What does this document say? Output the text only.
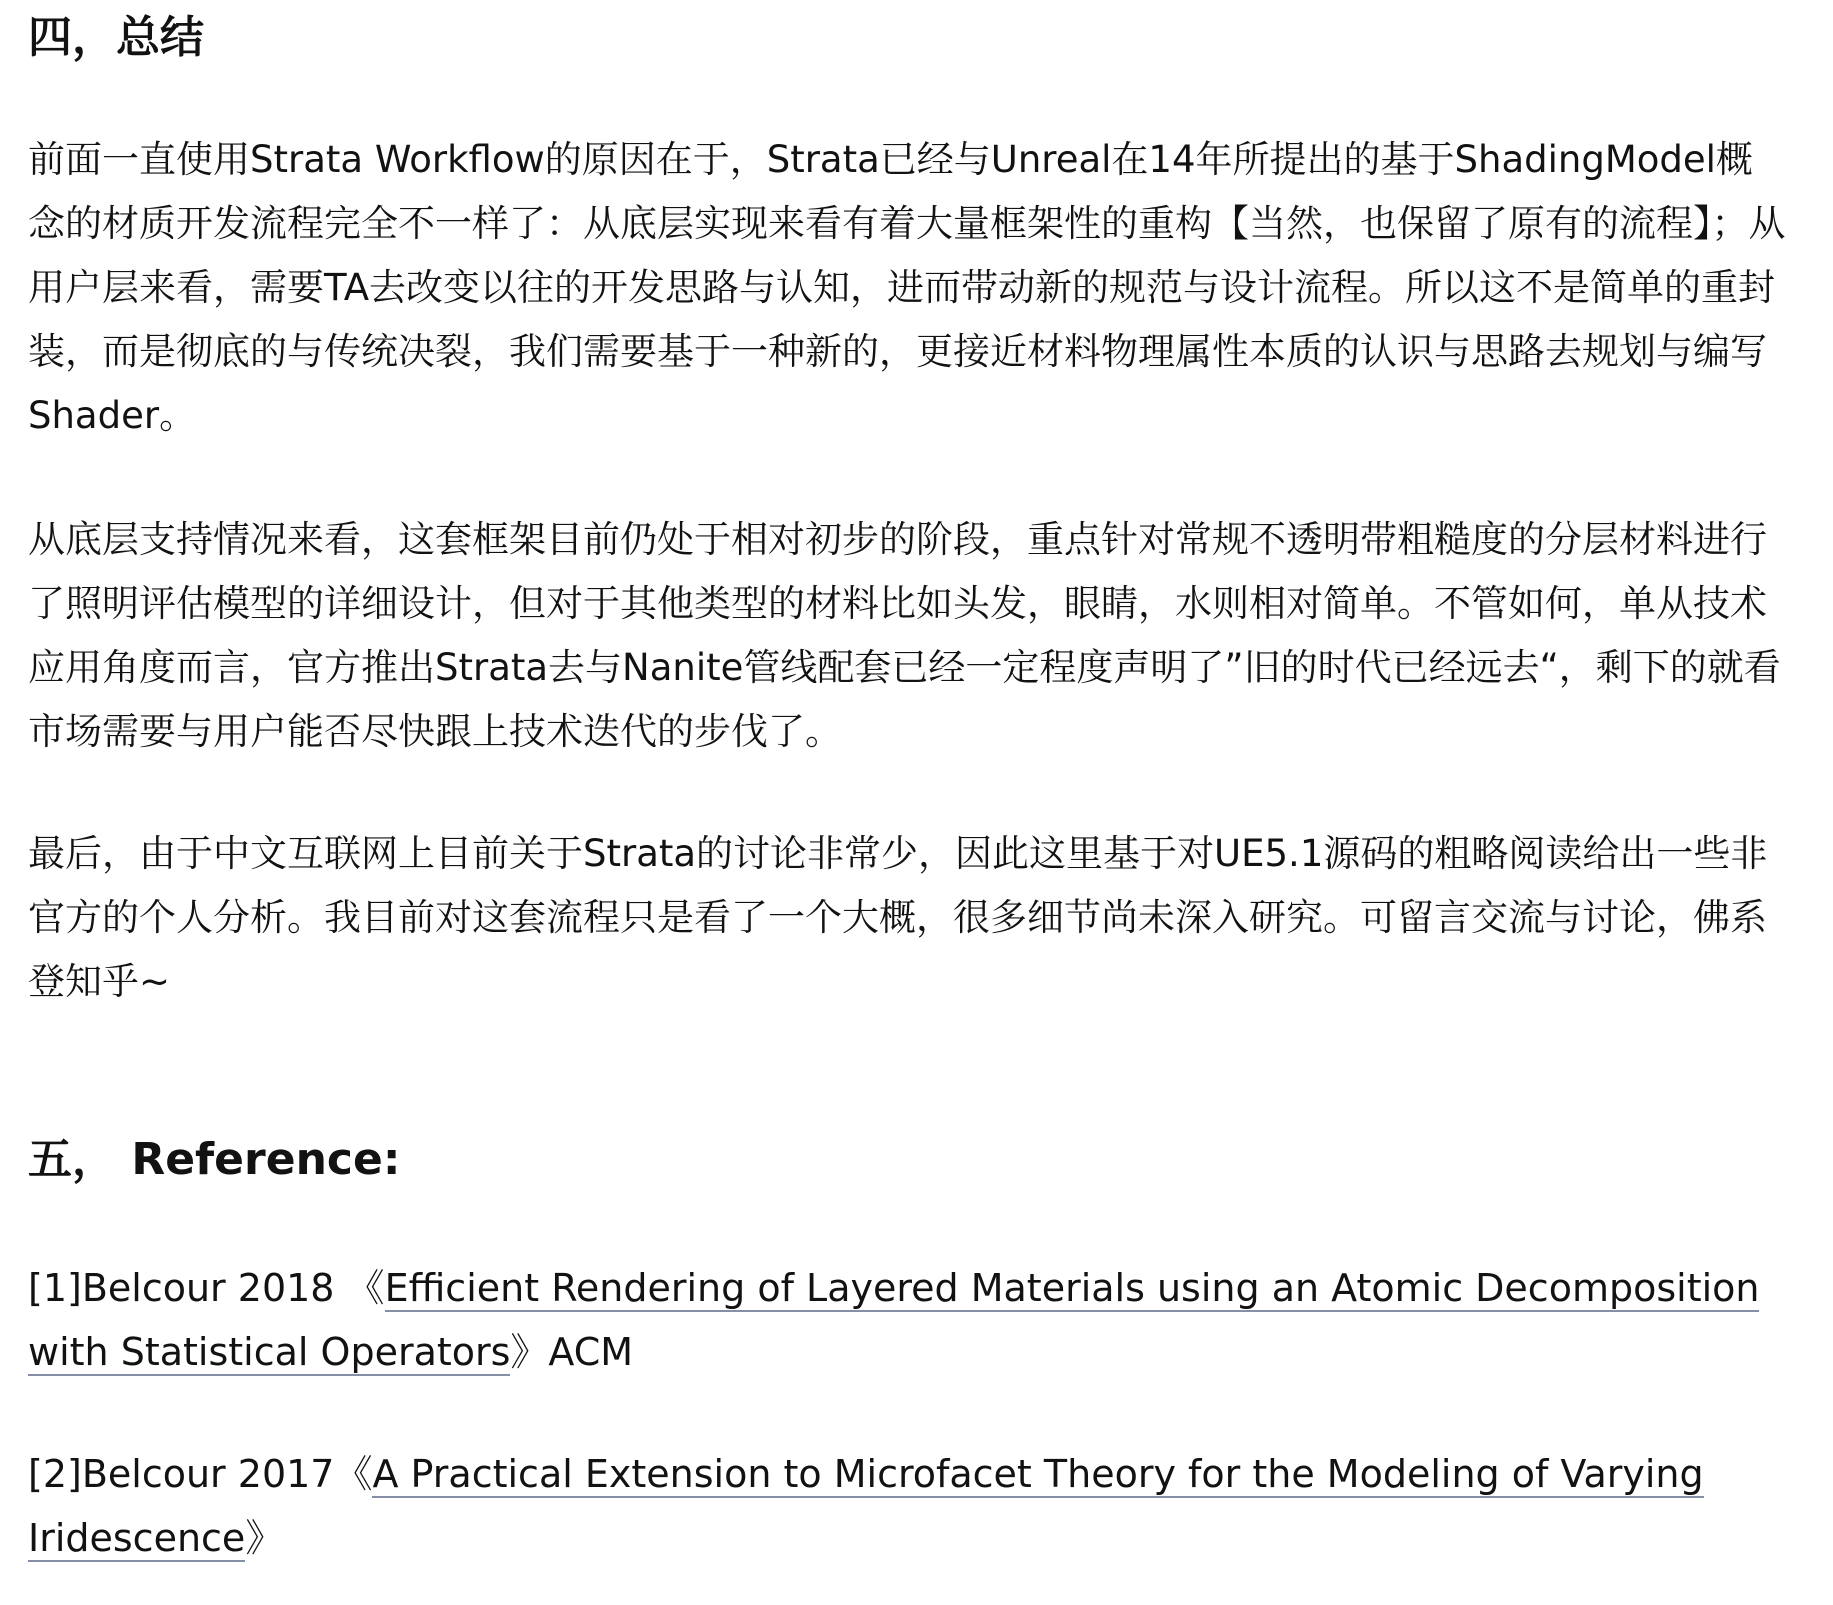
四，总结

前面一直使用Strata Workflow的原因在于，Strata已经与Unreal在14年所提出的基于ShadingModel概念的材质开发流程完全不一样了：从底层实现来看有着大量框架性的重构【当然，也保留了原有的流程】；从用户层来看，需要TA去改变以往的开发思路与认知，进而带动新的规范与设计流程。所以这不是简单的重封装，而是彻底的与传统决裂，我们需要基于一种新的，更接近材料物理属性本质的认识与思路去规划与编写Shader。

从底层支持情况来看，这套框架目前仍处于相对初步的阶段，重点针对常规不透明带粗糙度的分层材料进行了照明评估模型的详细设计，但对于其他类型的材料比如头发，眼睛，水则相对简单。不管如何，单从技术应用角度而言，官方推出Strata去与Nanite管线配套已经一定程度声明了”旧的时代已经远去“，剩下的就看市场需要与用户能否尽快跟上技术迭代的步伐了。

最后，由于中文互联网上目前关于Strata的讨论非常少，因此这里基于对UE5.1源码的粗略阅读给出一些非官方的个人分析。我目前对这套流程只是看了一个大概，很多细节尚未深入研究。可留言交流与讨论，佛系登知乎~

五， Reference:

[1]Belcour 2018 《Efficient Rendering of Layered Materials using an Atomic Decomposition with Statistical Operators》ACM

[2]Belcour 2017《A Practical Extension to Microfacet Theory for the Modeling of Varying Iridescence》
